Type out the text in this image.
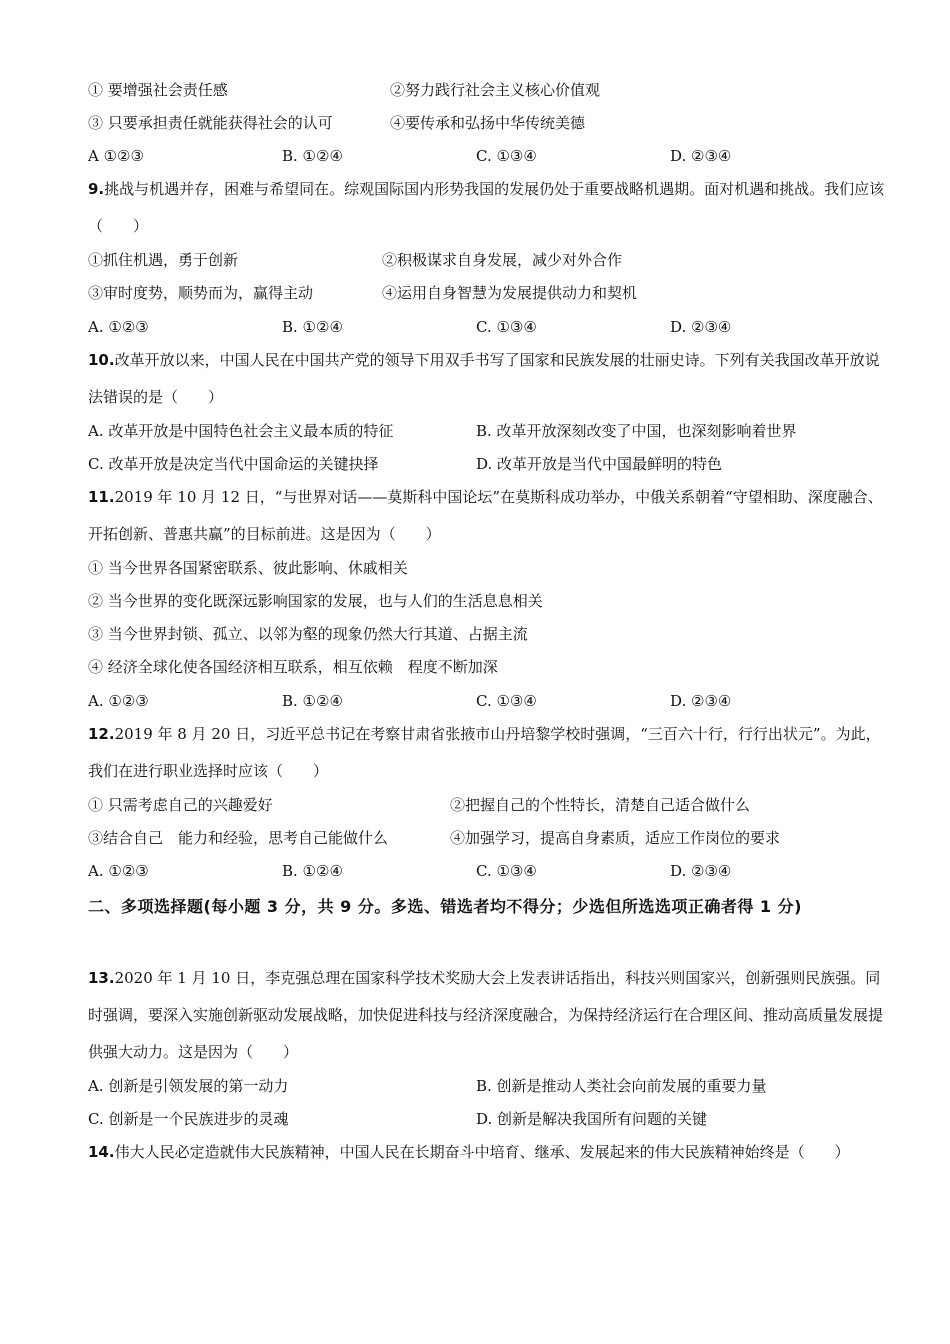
① 要增强社会责任感	②努力践行社会主义核心价值观
③ 只要承担责任就能获得社会的认可	④要传承和弘扬中华传统美德
A ①②③	B. ①②④	C. ①③④	D. ②③④
9.挑战与机遇并存，困难与希望同在。综观国际国内形势我国的发展仍处于重要战略机遇期。面对机遇和挑战。我们应该（　　）
①抓住机遇，勇于创新	②积极谋求自身发展，减少对外合作
③审时度势，顺势而为，赢得主动	④运用自身智慧为发展提供动力和契机
A. ①②③	B. ①②④	C. ①③④	D. ②③④
10.改革开放以来，中国人民在中国共产党的领导下用双手书写了国家和民族发展的壮丽史诗。下列有关我国改革开放说法错误的是（　　）
A. 改革开放是中国特色社会主义最本质的特征	B. 改革开放深刻改变了中国，也深刻影响着世界
C. 改革开放是决定当代中国命运的关键抉择	D. 改革开放是当代中国最鲜明的特色
11.2019 年 10 月 12 日，“与世界对话——莫斯科中国论坛”在莫斯科成功举办，中俄关系朝着“守望相助、深度融合、开拓创新、普惠共赢”的目标前进。这是因为（　　）
① 当今世界各国紧密联系、彼此影响、休戚相关
② 当今世界的变化既深远影响国家的发展，也与人们的生活息息相关
③ 当今世界封锁、孤立、以邻为壑的现象仍然大行其道、占据主流
④ 经济全球化使各国经济相互联系，相互依赖　程度不断加深
A. ①②③	B. ①②④	C. ①③④	D. ②③④
12.2019 年 8 月 20 日，习近平总书记在考察甘肃省张掖市山丹培黎学校时强调，“三百六十行，行行出状元”。为此，我们在进行职业选择时应该（　　）
① 只需考虑自己的兴趣爱好	②把握自己的个性特长，清楚自己适合做什么
③结合自己　能力和经验，思考自己能做什么	④加强学习，提高自身素质，适应工作岗位的要求
A. ①②③	B. ①②④	C. ①③④	D. ②③④
二、多项选择题(每小题 3 分，共 9 分。多选、错选者均不得分；少选但所选选项正确者得 1 分)
13.2020 年 1 月 10 日，李克强总理在国家科学技术奖励大会上发表讲话指出，科技兴则国家兴，创新强则民族强。同时强调，要深入实施创新驱动发展战略，加快促进科技与经济深度融合，为保持经济运行在合理区间、推动高质量发展提供强大动力。这是因为（　　）
A. 创新是引领发展的第一动力	B. 创新是推动人类社会向前发展的重要力量
C. 创新是一个民族进步的灵魂	D. 创新是解决我国所有问题的关键
14.伟大人民必定造就伟大民族精神，中国人民在长期奋斗中培育、继承、发展起来的伟大民族精神始终是（　　）
